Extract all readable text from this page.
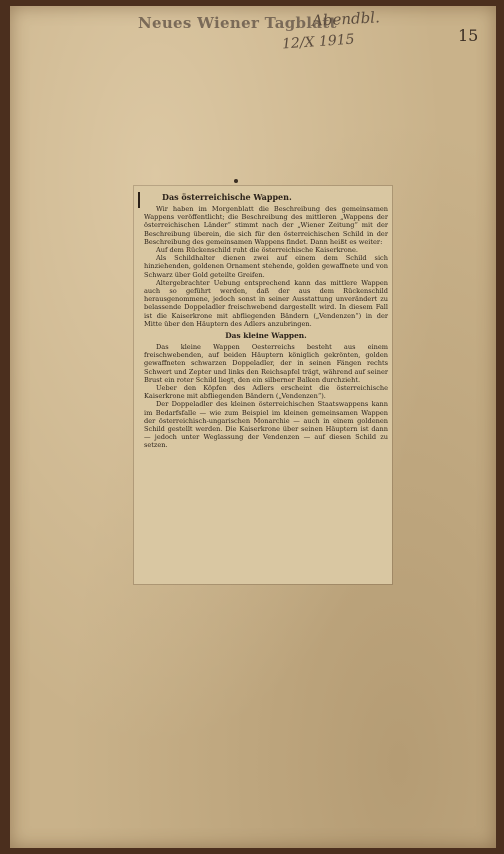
Neues Wiener Tagblatt
Abendbl.
12/X 1915	15
Das österreichische Wappen.

Wir haben im Morgenblatt die Beschreibung des gemeinsamen Wappens veröffentlicht; die Beschreibung des mittleren „Wappens der österreichischen Länder“ stimmt nach der „Wiener Zeitung“ mit der Beschreibung überein, die sich für den österreichischen Schild in der Beschreibung des gemeinsamen Wappens findet. Dann heißt es weiter:

Auf dem Rückenschild ruht die österreichische Kaiserkrone.

Als Schildhalter dienen zwei auf einem dem Schild sich hinziehenden, goldenen Ornament stehende, golden gewaffnete und von Schwarz über Gold geteilte Greifen.

Altergebrachter Uebung entsprechend kann das mittlere Wappen auch so geführt werden, daß der aus dem Rückenschild herausgenommene, jedoch sonst in seiner Ausstattung unverändert zu belassende Doppeladler freischwebend dargestellt wird. In diesem Fall ist die Kaiserkrone mit abfliegenden Bändern („Vendenzen“) in der Mitte über den Häuptern des Adlers anzubringen.

Das kleine Wappen.

Das kleine Wappen Oesterreichs besteht aus einem freischwebenden, auf beiden Häuptern königlich gekrönten, golden gewaffneten schwarzen Doppeladler, der in seinen Fängen rechts Schwert und Zepter und links den Reichsapfel trägt, während auf seiner Brust ein roter Schild liegt, den ein silberner Balken durchzieht.

Ueber den Köpfen des Adlers erscheint die österreichische Kaiserkrone mit abfliegenden Bändern („Vendenzen“).

Der Doppeladler des kleinen österreichischen Staatswappens kann im Bedarfsfalle — wie zum Beispiel im kleinen gemeinsamen Wappen der österreichisch-ungarischen Monarchie — auch in einem goldenen Schild gestellt werden. Die Kaiserkrone über seinen Häuptern ist dann — jedoch unter Weglassung der Vendenzen — auf diesen Schild zu setzen.
